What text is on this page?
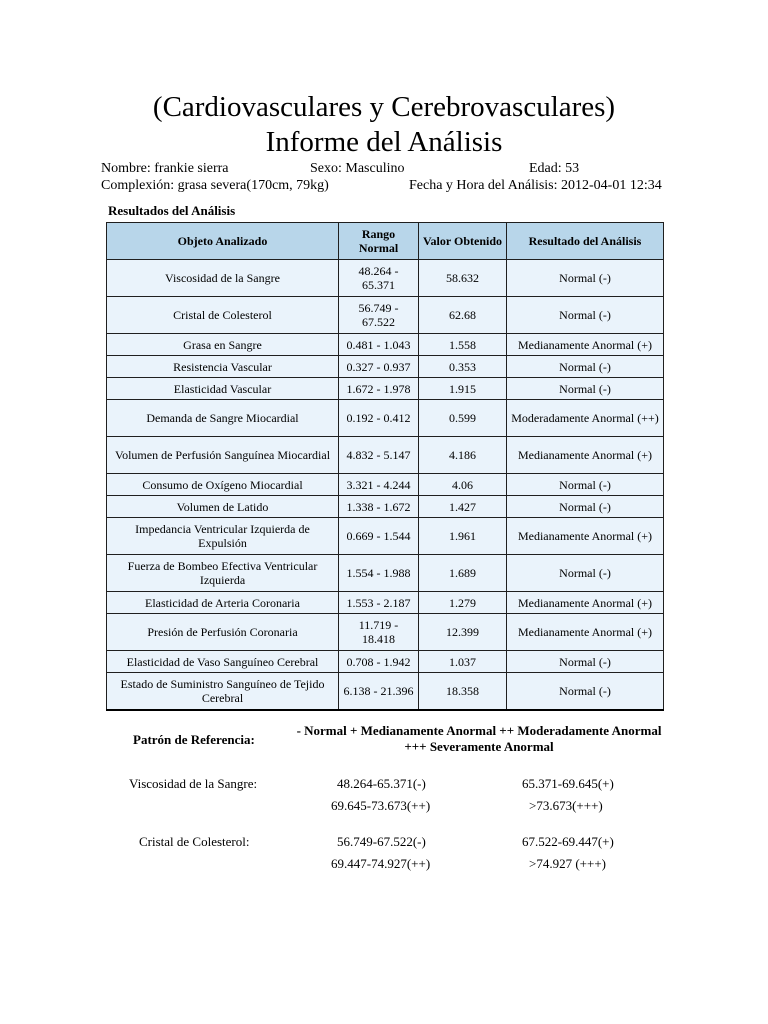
(Cardiovasculares y Cerebrovasculares)
Informe del Análisis
Nombre: frankie sierra	Sexo: Masculino	Edad: 53
Complexión: grasa severa(170cm, 79kg)	Fecha y Hora del Análisis: 2012-04-01 12:34
Resultados del Análisis
Objeto Analizado	Rango Normal	Valor Obtenido	Resultado del Análisis
Viscosidad de la Sangre	48.264 - 65.371	58.632	Normal (-)
Cristal de Colesterol	56.749 - 67.522	62.68	Normal (-)
Grasa en Sangre	0.481 - 1.043	1.558	Medianamente Anormal (+)
Resistencia Vascular	0.327 - 0.937	0.353	Normal (-)
Elasticidad Vascular	1.672 - 1.978	1.915	Normal (-)
Demanda de Sangre Miocardial	0.192 - 0.412	0.599	Moderadamente Anormal (++)
Volumen de Perfusión Sanguínea Miocardial	4.832 - 5.147	4.186	Medianamente Anormal (+)
Consumo de Oxígeno Miocardial	3.321 - 4.244	4.06	Normal (-)
Volumen de Latido	1.338 - 1.672	1.427	Normal (-)
Impedancia Ventricular Izquierda de Expulsión	0.669 - 1.544	1.961	Medianamente Anormal (+)
Fuerza de Bombeo Efectiva Ventricular Izquierda	1.554 - 1.988	1.689	Normal (-)
Elasticidad de Arteria Coronaria	1.553 - 2.187	1.279	Medianamente Anormal (+)
Presión de Perfusión Coronaria	11.719 - 18.418	12.399	Medianamente Anormal (+)
Elasticidad de Vaso Sanguíneo Cerebral	0.708 - 1.942	1.037	Normal (-)
Estado de Suministro Sanguíneo de Tejido Cerebral	6.138 - 21.396	18.358	Normal (-)
Patrón de Referencia:
- Normal + Medianamente Anormal ++ Moderadamente Anormal +++ Severamente Anormal
Viscosidad de la Sangre:	48.264-65.371(-)	65.371-69.645(+)
69.645-73.673(++)	>73.673(+++)
Cristal de Colesterol:	56.749-67.522(-)	67.522-69.447(+)
69.447-74.927(++)	>74.927 (+++)
